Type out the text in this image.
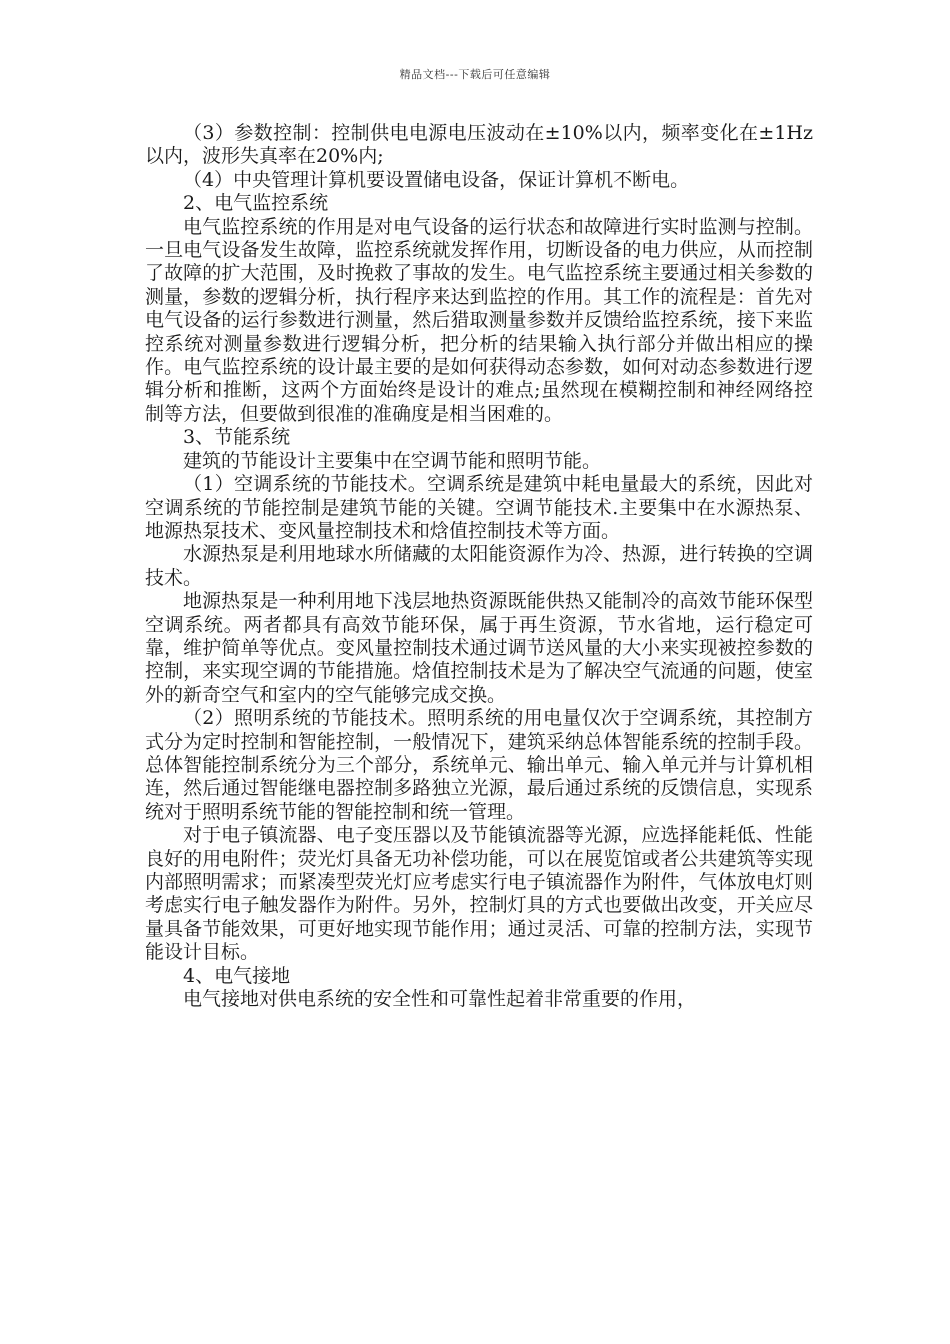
精品文档---下载后可任意编辑

（3）参数控制：控制供电电源电压波动在±10%以内，频率变化在±1Hz 以内，波形失真率在20%内;

（4）中央管理计算机要设置储电设备，保证计算机不断电。

2、电气监控系统

电气监控系统的作用是对电气设备的运行状态和故障进行实时监测与控制。一旦电气设备发生故障，监控系统就发挥作用，切断设备的电力供应，从而控制了故障的扩大范围，及时挽救了事故的发生。电气监控系统主要通过相关参数的测量，参数的逻辑分析，执行程序来达到监控的作用。其工作的流程是：首先对电气设备的运行参数进行测量，然后猎取测量参数并反馈给监控系统，接下来监控系统对测量参数进行逻辑分析，把分析的结果输入执行部分并做出相应的操作。电气监控系统的设计最主要的是如何获得动态参数，如何对动态参数进行逻辑分析和推断，这两个方面始终是设计的难点;虽然现在模糊控制和神经网络控制等方法，但要做到很准的准确度是相当困难的。

3、节能系统

建筑的节能设计主要集中在空调节能和照明节能。

（1）空调系统的节能技术。空调系统是建筑中耗电量最大的系统，因此对空调系统的节能控制是建筑节能的关键。空调节能技术.主要集中在水源热泵、地源热泵技术、变风量控制技术和焓值控制技术等方面。

水源热泵是利用地球水所储藏的太阳能资源作为冷、热源，进行转换的空调技术。

地源热泵是一种利用地下浅层地热资源既能供热又能制冷的高效节能环保型空调系统。两者都具有高效节能环保，属于再生资源，节水省地，运行稳定可靠，维护简单等优点。变风量控制技术通过调节送风量的大小来实现被控参数的控制，来实现空调的节能措施。焓值控制技术是为了解决空气流通的问题，使室外的新奇空气和室内的空气能够完成交换。

（2）照明系统的节能技术。照明系统的用电量仅次于空调系统，其控制方式分为定时控制和智能控制，一般情况下，建筑采纳总体智能系统的控制手段。总体智能控制系统分为三个部分，系统单元、输出单元、输入单元并与计算机相连，然后通过智能继电器控制多路独立光源，最后通过系统的反馈信息，实现系统对于照明系统节能的智能控制和统一管理。

对于电子镇流器、电子变压器以及节能镇流器等光源，应选择能耗低、性能良好的用电附件；荧光灯具备无功补偿功能，可以在展览馆或者公共建筑等实现内部照明需求；而紧凑型荧光灯应考虑实行电子镇流器作为附件，气体放电灯则考虑实行电子触发器作为附件。另外，控制灯具的方式也要做出改变，开关应尽量具备节能效果，可更好地实现节能作用；通过灵活、可靠的控制方法，实现节能设计目标。

4、电气接地

电气接地对供电系统的安全性和可靠性起着非常重要的作用，
